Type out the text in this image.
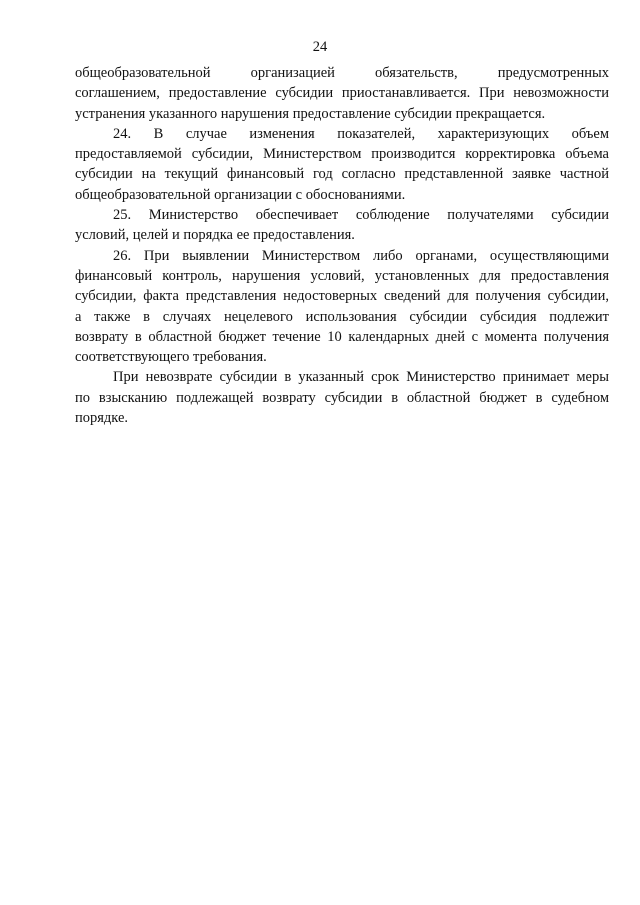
24
общеобразовательной организацией обязательств, предусмотренных
соглашением, предоставление субсидии приостанавливается. При невозможности
устранения указанного нарушения предоставление субсидии прекращается.
24. В случае изменения показателей, характеризующих объем
предоставляемой субсидии, Министерством производится корректировка объема
субсидии на текущий финансовый год согласно представленной заявке частной
общеобразовательной организации с обоснованиями.
25. Министерство обеспечивает соблюдение получателями субсидии
условий, целей и порядка ее предоставления.
26. При выявлении Министерством либо органами, осуществляющими
финансовый контроль, нарушения условий, установленных для предоставления
субсидии, факта представления недостоверных сведений для получения субсидии,
а также в случаях нецелевого использования субсидии субсидия подлежит
возврату в областной бюджет течение 10 календарных дней с момента получения
соответствующего требования.
При невозврате субсидии в указанный срок Министерство принимает меры
по взысканию подлежащей возврату субсидии в областной бюджет в судебном
порядке.
